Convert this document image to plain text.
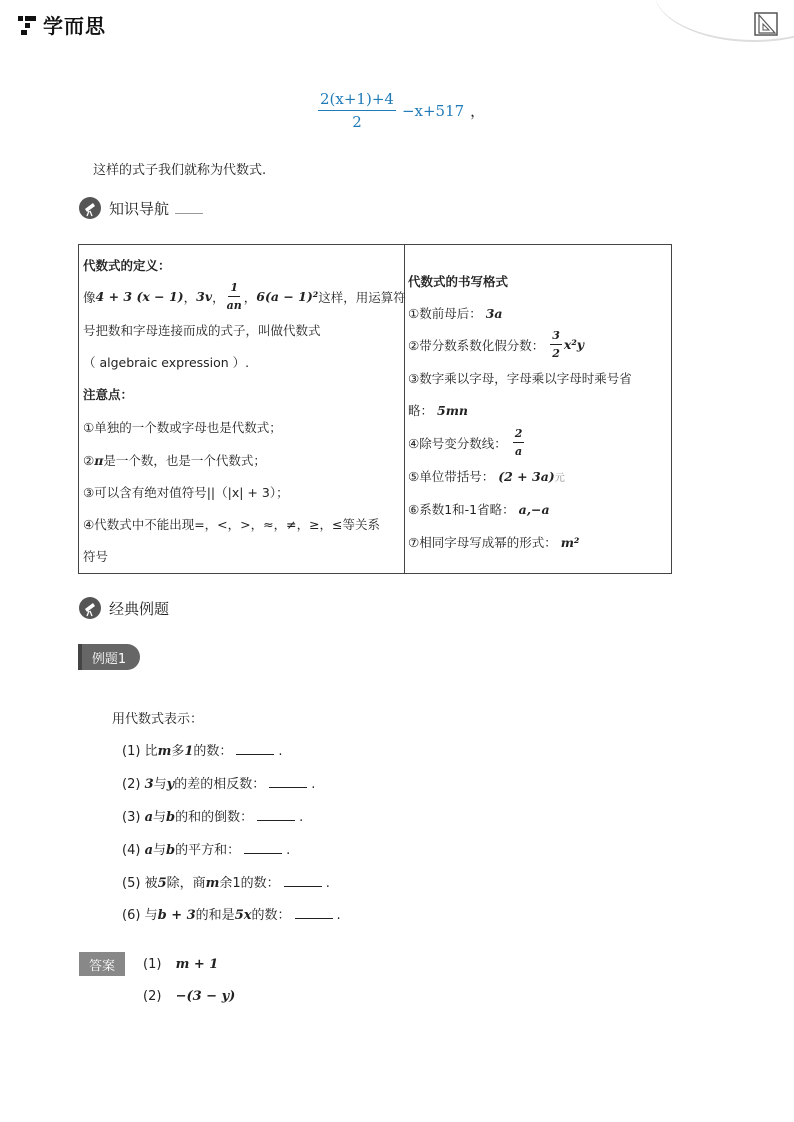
学而思
$\frac{2(x+1)+4}{2} -x+517$ ，
这样的式子我们就称为代数式.
知识导航
代数式的定义：
像 4 + 3 (x − 1) ， 3v ， $\frac{1}{an}$ ， 6(a − 1)² 这样，用运算符
号把数和字母连接而成的式子，叫做代数式
（ algebraic expression ）.
注意点：
①单独的一个数或字母也是代数式；
②π是一个数，也是一个代数式；
③可以含有绝对值符号||（|x| + 3）；
④代数式中不能出现=，<，>，≈，≠，≥，≤等关系
符号
代数式的书写格式
①数前母后： 3a
②带分数系数化假分数： $\frac{3}{2} x^2y$
③数字乘以字母，字母乘以字母时乘号省
略： 5mn
④除号变分数线： $\frac{2}{a}$
⑤单位带括号： (2 + 3a)元
⑥系数1和-1省略： a,−a
⑦相同字母写成幂的形式： m²
经典例题
例题1
用代数式表示：
(1) 比m多1的数：	.
(2) 3与y的差的相反数：	.
(3) a与b的和的倒数：	.
(4) a与b的平方和：	.
(5) 被5除，商m余1的数：	.
(6) 与b + 3的和是5x的数：	.
答案	(1) m + 1
(2) −(3 − y)
